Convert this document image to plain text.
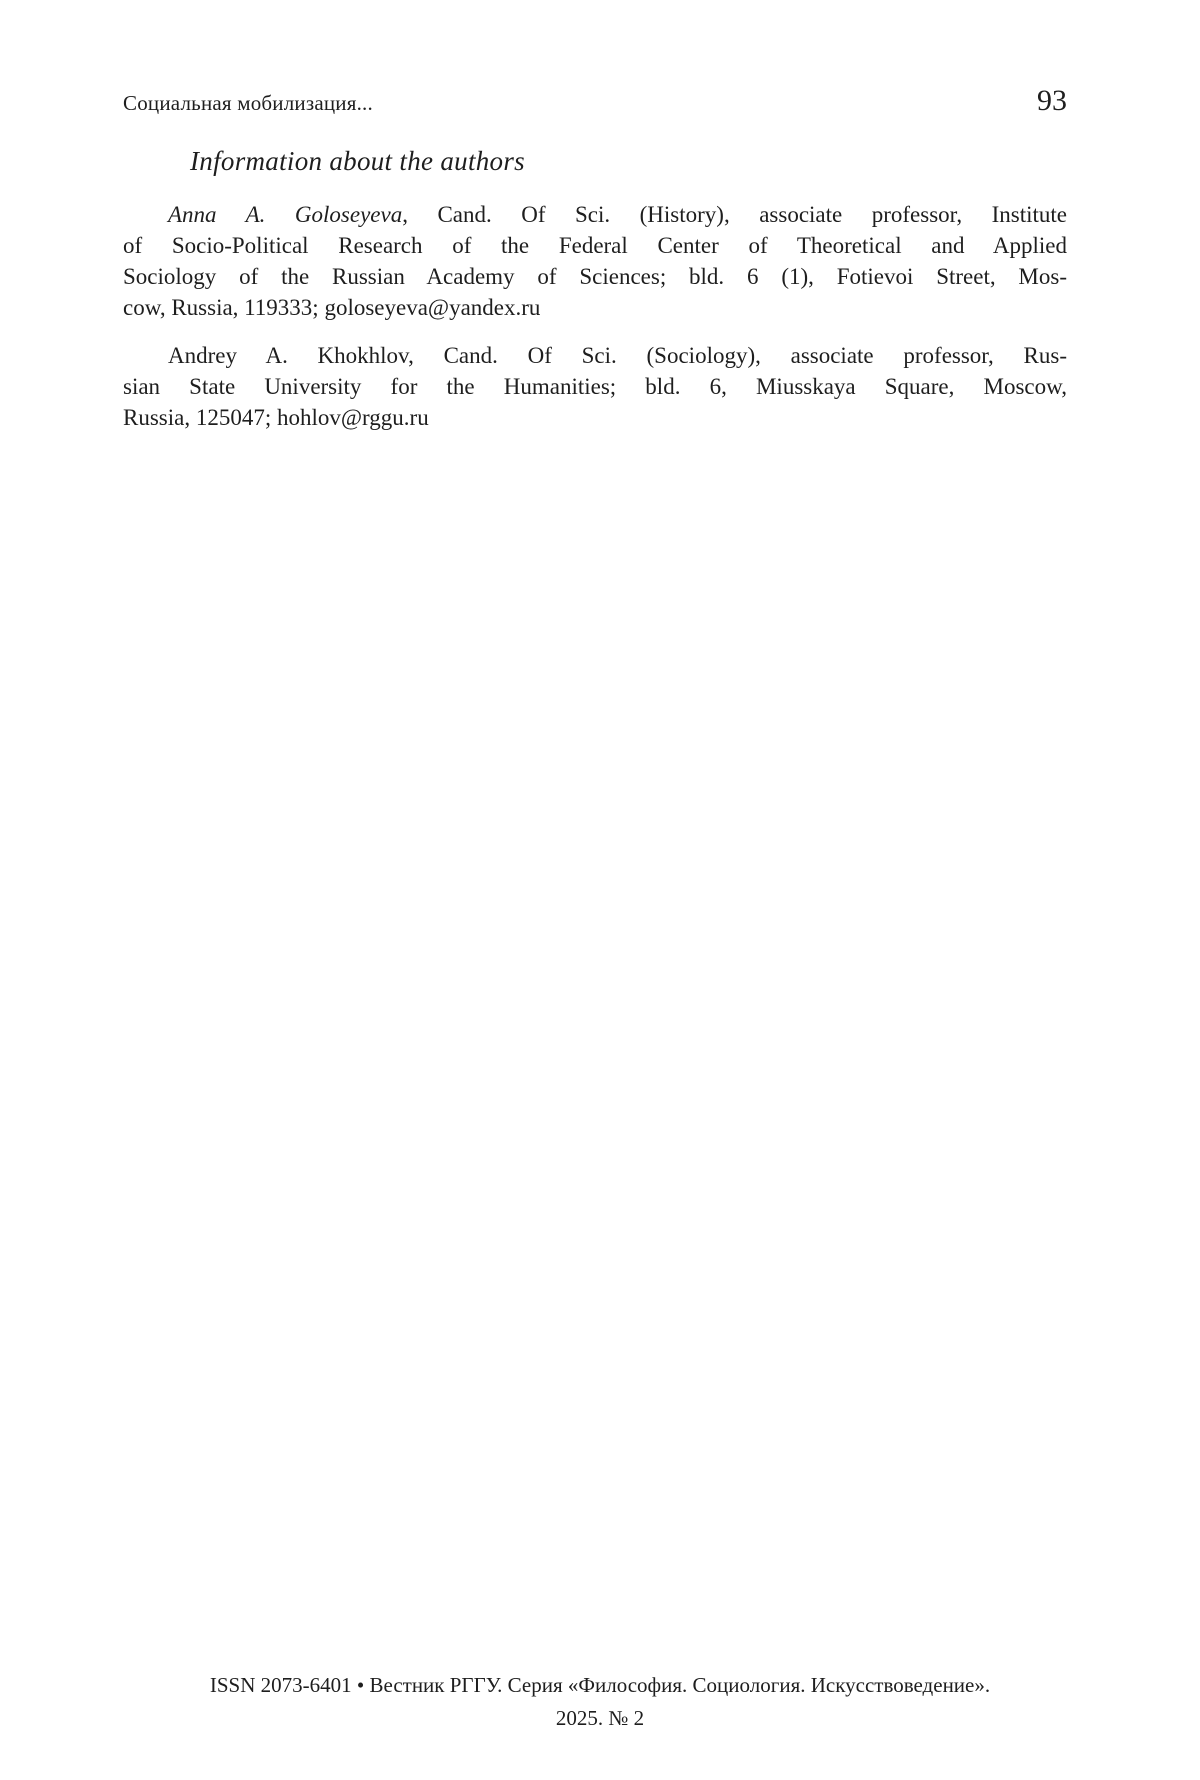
Социальная мобилизация...	93
Information about the authors
Anna A. Goloseyeva, Cand. Of Sci. (History), associate professor, Institute
of Socio-Political Research of the Federal Center of Theoretical and Applied
Sociology of the Russian Academy of Sciences; bld. 6 (1), Fotievoi Street, Mos-
cow, Russia, 119333; goloseyeva@yandex.ru
Andrey A. Khokhlov, Cand. Of Sci. (Sociology), associate professor, Rus-
sian State University for the Humanities; bld. 6, Miusskaya Square, Moscow,
Russia, 125047; hohlov@rggu.ru
ISSN 2073-6401 • Вестник РГГУ. Серия «Философия. Социология. Искусствоведение».
2025. № 2
